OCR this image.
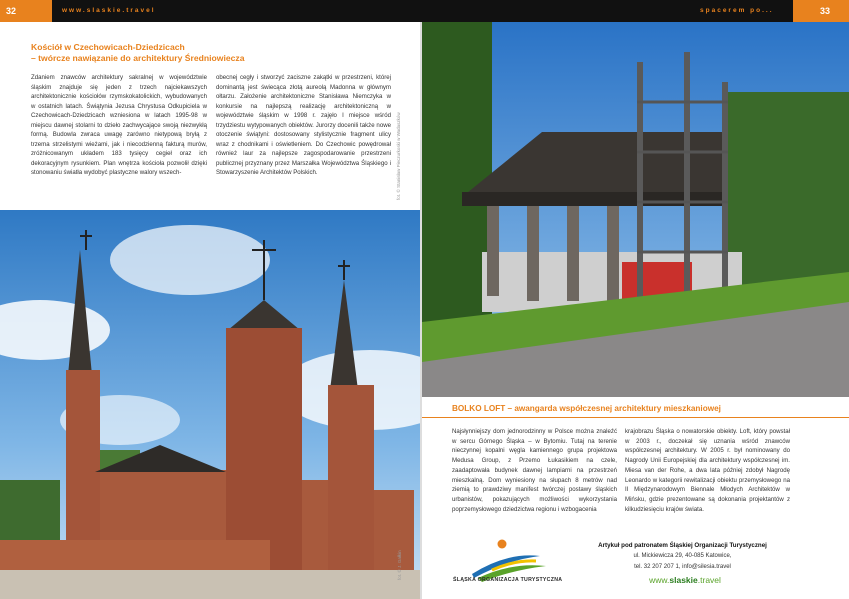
32	www.slaskie.travel	spacerem po...	33
Kościół w Czechowicach-Dziedzicach
– twórcze nawiązanie do architektury Średniowiecza
Zdaniem znawców architektury sakralnej w województwie śląskim znajduje się jeden z trzech najciekawszych architektonicznie kościołów rzymskokatolickich, wybudowanych w ostatnich latach. Świątynia Jezusa Chrystusa Odkupiciela w Czechowicach-Dziedzicach wzniesiona w latach 1995-98 w miejscu dawnej stolarni to dzieło zachwycające swoją niezwykłą formą. Budowla zwraca uwagę zarówno nietypową bryłą z trzema strzelistymi wieżami, jak i niecodzienną fakturą murów, zróżnicowanym układem 183 tysięcy cegieł oraz ich dekoracyjnym rysunkiem. Plan wnętrza kościoła pozwolił dzięki stonowaniu światła wydobyć plastyczne walory wszech-
obecnej cegły i stworzyć zaciszne zakątki w przestrzeni, której dominantą jest świecąca złotą aureolą Madonna w głównym ołtarzu. Założenie architektoniczne Stanisława Niemczyka w konkursie na najlepszą realizację architektoniczną w województwie śląskim w 1998 r. zajęło I miejsce wśród trzydziestu wytypowanych obiektów. Jurorzy docenili także nowe otoczenie świątyni: dostosowany stylistycznie fragment ulicy wraz z chodnikami i oświetleniem. Do Czechowic powędrował również laur za najlepsze zagospodarowanie przestrzeni publicznej przyznany przez Marszałka Województwa Śląskiego i Stowarzyszenie Architektów Polskich.	fot. © Stanisław Pieczurkoski w Wadaszków
fot. © J. Gałkin
BOLKO LOFT – awangarda współczesnej architektury mieszkaniowej
Najsłynniejszy dom jednorodzinny w Polsce można znaleźć w sercu Górnego Śląska – w Bytomiu. Tutaj na terenie nieczynnej kopalni węgla kamiennego grupa projektowa Medusa Group, z Przemo Łukasikiem na czele, zaadaptowała budynek dawnej lampiarni na przestrzeń mieszkalną. Dom wyniesiony na słupach 8 metrów nad ziemią to prawdziwy manifest twórczej postawy śląskich urbanistów, pokazujących możliwości wykorzystania poprzemysłowego dziedzictwa regionu i wzbogacenia
krajobrazu Śląska o nowatorskie obiekty. Loft, który powstał w 2003 r., doczekał się uznania wśród znawców współczesnej architektury. W 2005 r. był nominowany do Nagrody Unii Europejskiej dla architektury współczesnej im. Miesa van der Rohe, a dwa lata później zdobył Nagrodę Leonardo w kategorii rewitalizacji obiektu przemysłowego na II Międzynarodowym Biennale Młodych Architektów w Mińsku, gdzie prezentowane są dokonania projektantów z kilkudziesięciu krajów świata.
ŚLĄSKA ORGANIZACJA TURYSTYCZNA
Artykuł pod patronatem Śląskiej Organizacji Turystycznej
ul. Mickiewicza 29, 40-085 Katowice,
tel. 32 207 207 1, info@silesia.travel
www.slaskie.travel
